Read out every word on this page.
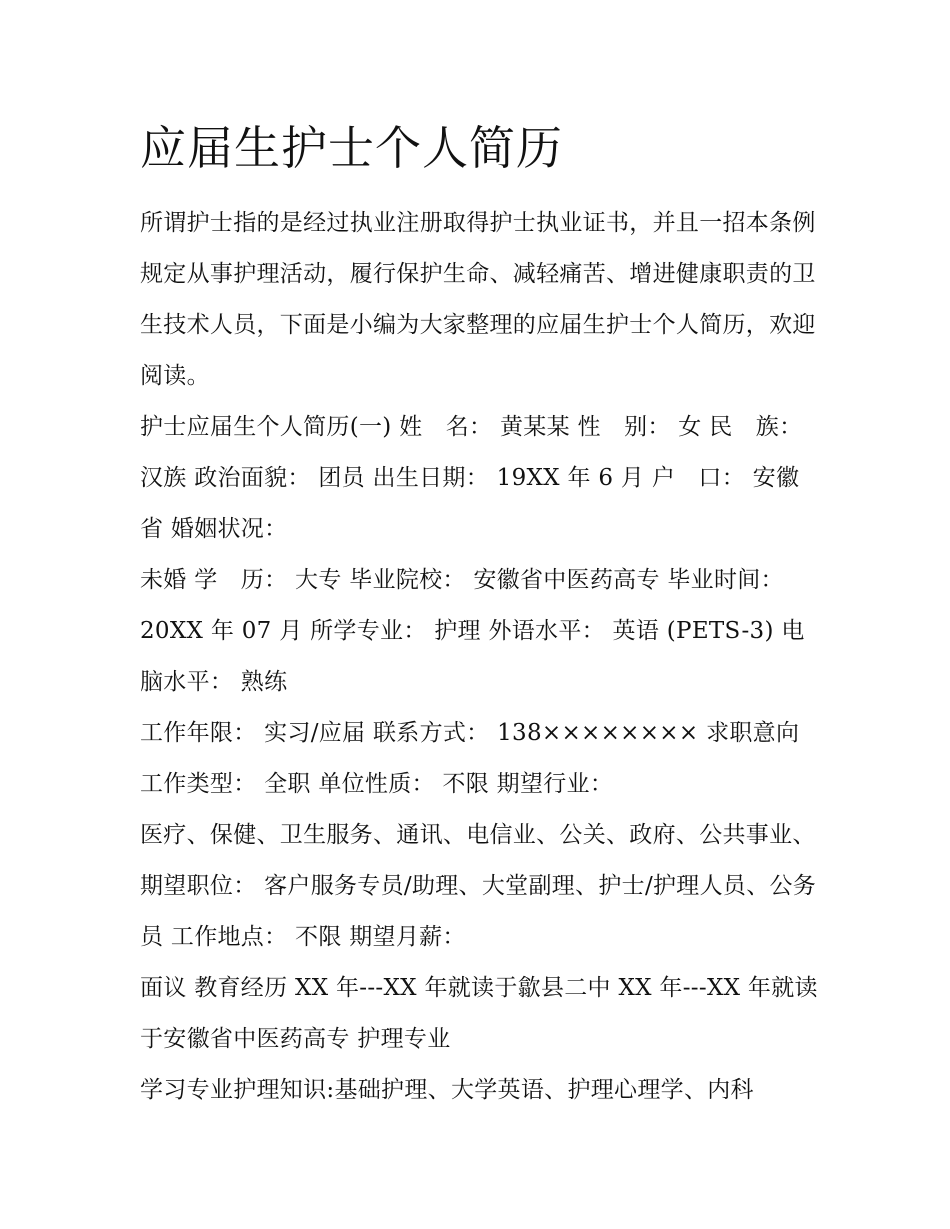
应届生护士个人简历

所谓护士指的是经过执业注册取得护士执业证书，并且一招本条例规定从事护理活动，履行保护生命、减轻痛苦、增进健康职责的卫生技术人员，下面是小编为大家整理的应届生护士个人简历，欢迎阅读。

护士应届生个人简历(一) 姓　名： 黄某某 性　别： 女 民　族： 汉族 政治面貌： 团员 出生日期： 19XX 年 6 月 户　口： 安徽省 婚姻状况：

未婚 学　历： 大专 毕业院校： 安徽省中医药高专 毕业时间： 20XX 年 07 月 所学专业： 护理 外语水平： 英语 (PETS-3) 电脑水平： 熟练

工作年限： 实习/应届 联系方式： 138×××××××× 求职意向 工作类型： 全职 单位性质： 不限 期望行业：

医疗、保健、卫生服务、通讯、电信业、公关、政府、公共事业、 期望职位： 客户服务专员/助理、大堂副理、护士/护理人员、公务员 工作地点： 不限 期望月薪：

面议 教育经历 XX 年---XX 年就读于歙县二中 XX 年---XX 年就读于安徽省中医药高专 护理专业

学习专业护理知识:基础护理、大学英语、护理心理学、内科
